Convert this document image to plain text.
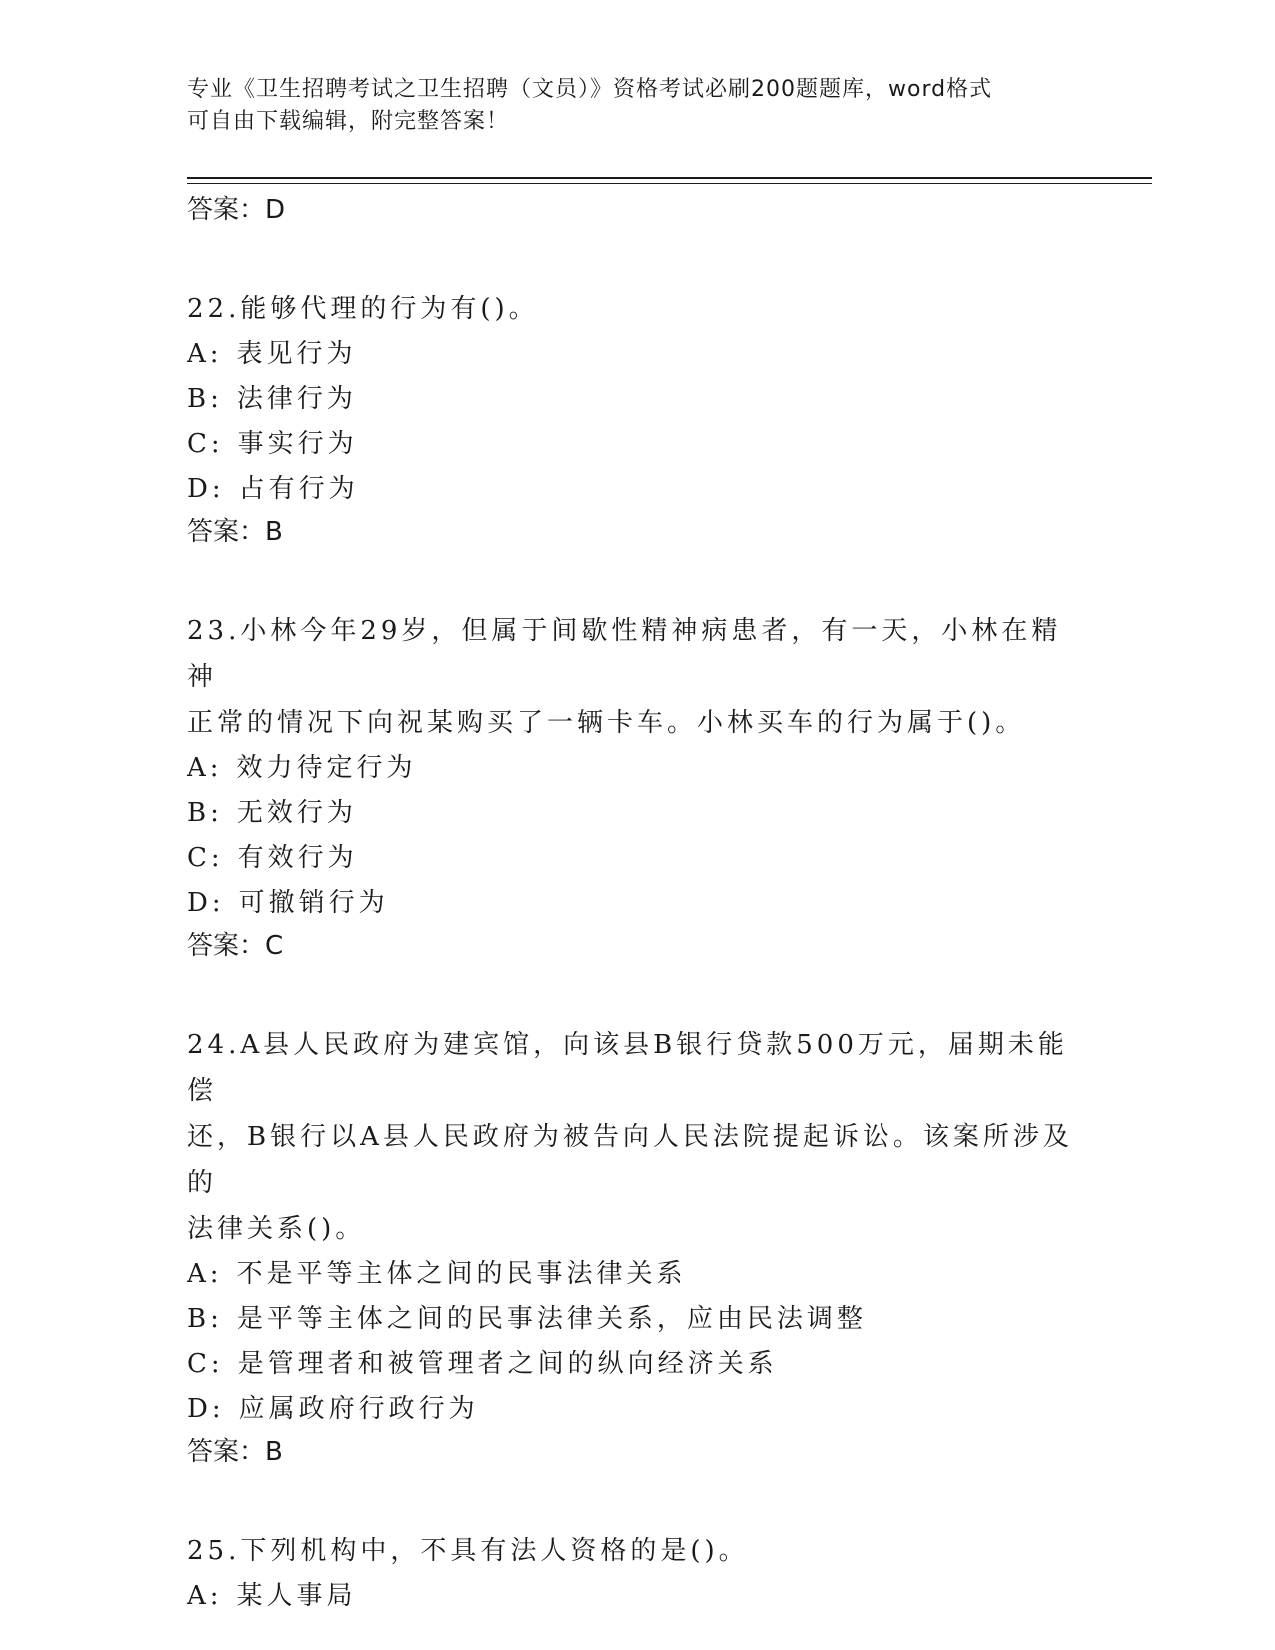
专业《卫生招聘考试之卫生招聘（文员）》资格考试必刷200题题库，word格式
可自由下载编辑，附完整答案！
答案：D
22.能够代理的行为有()。
A: 表见行为
B: 法律行为
C: 事实行为
D: 占有行为
答案：B
23.小林今年29岁，但属于间歇性精神病患者，有一天，小林在精神
正常的情况下向祝某购买了一辆卡车。小林买车的行为属于()。
A: 效力待定行为
B: 无效行为
C: 有效行为
D: 可撤销行为
答案：C
24.A县人民政府为建宾馆，向该县B银行贷款500万元，届期未能偿
还，B银行以A县人民政府为被告向人民法院提起诉讼。该案所涉及的
法律关系()。
A: 不是平等主体之间的民事法律关系
B: 是平等主体之间的民事法律关系，应由民法调整
C: 是管理者和被管理者之间的纵向经济关系
D: 应属政府行政行为
答案：B
25.下列机构中，不具有法人资格的是()。
A: 某人事局
